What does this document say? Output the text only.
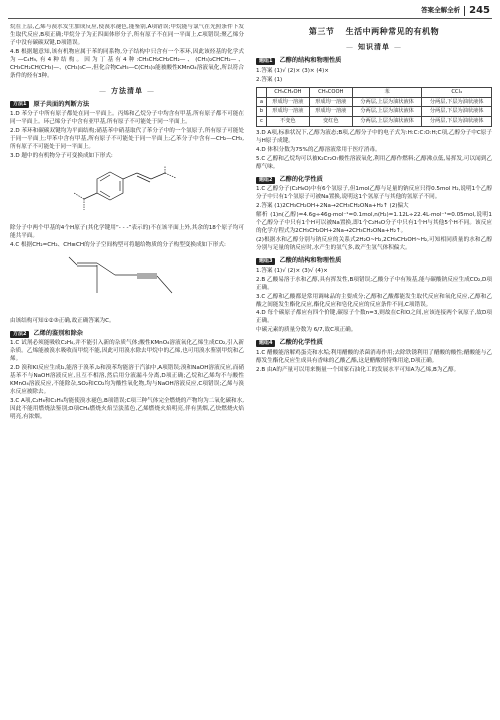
答案全解全析 245

烷在上层,乙烯与溴水发生加成反应,使溴水褪色,能鉴别,A项错误;甲烷能与氯气在光照条件下发生取代反应,B项正确;甲烷分子为正四面体形分子,所有原子不在同一平面上,C项错误;聚乙烯分子中没有碳碳双键,D项错误。

4.B 根据题意知,该有机物应属于苯的同系物,分子结构中只含有一个苯环,因此该烃基的化学式为—C₄H₉,有4种结构。因为丁基有4种:CH₃CH₂CH₂CH₂—、(CH₃)₂CHCH₂—、CH₃CH₂CH(CH₃)—、(CH₃)₃C—,但化合物C₆H₅—C(CH₃)₃能被酸性KMnO₄溶液氧化,所以符合条件的烃有3种。

— 方法清单 —
方法1	原子共面的判断方法

1.D 苯分子中所有原子都处在同一平面上。丙烯和乙烷分子中均含有甲基,所有原子都不可能在同一平面上。环己烯分子中含有亚甲基,所有原子不可能处于同一平面上。

2.D 苯环和碳碳双键均为平面结构;硝基苯中硝基取代了苯分子中的一个氢原子,所有原子可能处于同一平面上;甲苯中含有甲基,所有原子不可能处于同一平面上;乙苯分子中含有—CH₂—CH₃,所有原子不可能处于同一平面上。

3.D 题中的有机物分子可变换成如下形式:

除分子中两个甲基的4个H原子(其化学键用“- - -”表示的)不在该平面上外,其余的18个原子均可能共平面。

4.C 根据CH₂=CH₂、CH≡CH的分子空间构型可将题给物质的分子构型变换成如下形式:

由该结构可知①②③正确,故正确答案为C。

方法2	乙烯的鉴别和除杂

1.C 试剂必须能吸收C₂H₄,并不能引入新的杂质气体;酸性KMnO₄溶液氧化乙烯生成CO₂,引入新杂质。乙烯能被溴水吸收而甲烷不能,因此可用溴水除去甲烷中的乙烯,也可用溴水鉴别甲烷和乙烯。

2.D 溴和KI反应生成I₂,能溶于溴苯,I₂和溴苯均能溶于汽油中,A项错误;溴和NaOH溶液反应,而硝基苯不与NaOH溶液反应,且互不相溶,然后用分液漏斗分离,D项正确;乙烷和乙烯均不与酸性KMnO₄溶液反应,不能除杂,SO₂和CO₂均为酸性氧化物,均与NaOH溶液反应,C项错误;乙烯与溴水反应被除去。

3.C A项,C₂H₆和C₂H₄均能使溴水褪色,B项错误;C项三种气体完全燃烧的产物均为二氧化碳和水,因此不能用燃烧法鉴别;D项CH₄燃烧火焰呈淡蓝色,乙烯燃烧火焰明亮,伴有黑烟,乙炔燃烧火焰明亮,有浓烟。

第三节 生活中两种常见的有机物
— 知识清单 —
题组1	乙醇的结构和物理性质

1.答案 (1)√ (2)× (3)× (4)×

2.答案 (1)

	CH₃CH₂OH	CH₃COOH	苯	CCl₄
a	形成均一溶液	形成均一溶液	分两层,上层为油状液体	分两层,下层为油状液体
b	形成均一溶液	形成均一溶液	分两层,上层为油状液体	分两层,下层为油状液体
c	不变色	变红色	分两层,上层为油状液体	分两层,下层为油状液体

3.D A项,标准状况下,乙醇为液态;B项,乙醇分子中的电子式为:H:C:C:O:H;C项,乙醇分子中C原子与H原子成键。

4.D 体积分数为75%的乙醇溶液常用于医疗消毒。

5.C 乙醇和乙烷均可以被K₂Cr₂O₇酸性溶液氧化,利用乙醇作燃料;乙醇沸点低,易挥发,可以闻到乙醇气味。

题组2	乙醇的化学性质

1.C 乙醇分子(C₂H₆O)中有6个氢原子,但1mol乙醇与足量的钠反应只得0.5mol H₂,说明1个乙醇分子中只有1个氢原子可被Na置换,说明这1个氢原子与其他的氢原子不同。

2.答案 (1)2CH₃CH₂OH+2Na→2CH₃CH₂ONa+H₂↑ (2)偏大

解析 (1)n(乙醇)=4.6g÷46g·mol⁻¹=0.1mol,n(H₂)=1.12L÷22.4L·mol⁻¹=0.05mol,说明1个乙醇分子中只有1个H可以被Na置换,即1个C₂H₆O分子中只有1个H与其他5个H不同。该反应的化学方程式为2CH₃CH₂OH+2Na→2CH₃CH₂ONa+H₂↑。

(2)根据水和乙醇分别与钠反应的关系式2H₂O~H₂,2CH₃CH₂OH~H₂,可知相同质量的水和乙醇分别与足量的钠反应时,水产生的氢气多,故产生氢气体积偏大。

题组3	乙酸的结构和物理性质

1.答案 (1)√ (2)× (3)√ (4)×

2.B 乙酸易溶于水和乙醇,具有挥发性,B项错误;乙酸分子中有羧基,能与碳酸钠反应生成CO₂,D项正确。

3.C 乙醇和乙酸都是常用调味品的主要成分;乙醇和乙酸都能发生取代反应和氧化反应,乙醇和乙酸之间能发生酯化反应,酯化反应和皂化反应的反应条件不同,C项错误。

4.D 每个碳原子都应有四个价键,碳原子个数n=3,则故在C和O之间,应该连接两个氧原子,故D项正确。

中碳元素的质量分数为 6/7,故C项正确。

题组4	乙酸的化学性质

1.C 醋酸能溶解鸡蛋壳和水垢;利用醋酸的杀菌消毒作用;去除铁锈利用了醋酸的酸性;醋酸能与乙醇发生酯化反应生成具有香味的乙酸乙酯,这是醋酸的特殊用途,D项正确。

2.B 由A的产量可以用来衡量一个国家石油化工的发展水平可知A为乙烯,B为乙醇。
